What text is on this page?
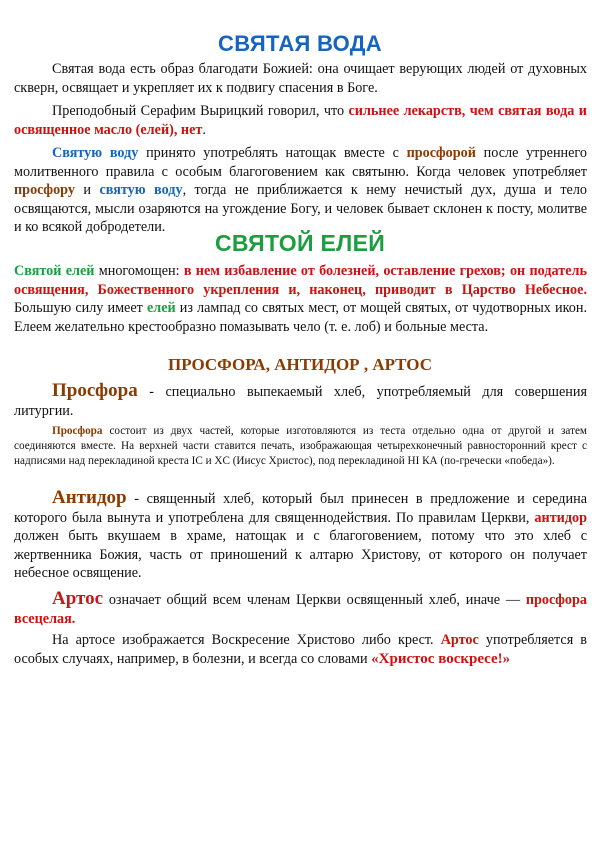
СВЯТАЯ ВОДА

Святая вода есть образ благодати Божией: она очищает верующих людей от духовных скверн, освящает и укрепляет их к подвигу спасения в Боге.

Преподобный Серафим Вырицкий говорил, что сильнее лекарств, чем святая вода и освященное масло (елей), нет.

Святую воду принято употреблять натощак вместе с просфорой после утреннего молитвенного правила с особым благоговением как святыню. Когда человек употребляет просфору и святую воду, тогда не приближается к нему нечистый дух, душа и тело освящаются, мысли озаряются на угождение Богу, и человек бывает склонен к посту, молитве и ко всякой добродетели.

СВЯТОЙ ЕЛЕЙ

Святой елей многомощен: в нем избавление от болезней, оставление грехов; он податель освящения, Божественного укрепления и, наконец, приводит в Царство Небесное. Большую силу имеет елей из лампад со святых мест, от мощей святых, от чудотворных икон. Елеем желательно крестообразно помазывать чело (т. е. лоб) и больные места.

ПРОСФОРА, АНТИДОР , АРТОС

Просфора - специально выпекаемый хлеб, употребляемый для совершения литургии.

Просфора состоит из двух частей, которые изготовляются из теста отдельно одна от другой и затем соединяются вместе. На верхней части ставится печать, изображающая четырехконечный равносторонний крест с надписями над перекладиной креста IC и XC (Иисус Христос), под перекладиной НІ КА (по-гречески «победа»).

Антидор - священный хлеб, который был принесен в предложение и середина которого была вынута и употреблена для священнодействия. По правилам Церкви, антидор должен быть вкушаем в храме, натощак и с благоговением, потому что это хлеб с жертвенника Божия, часть от приношений к алтарю Христову, от которого он получает небесное освящение.

Артос означает общий всем членам Церкви освященный хлеб, иначе — просфора всецелая.

На артосе изображается Воскресение Христово либо крест. Артос употребляется в особых случаях, например, в болезни, и всегда со словами «Христос воскресе!»
